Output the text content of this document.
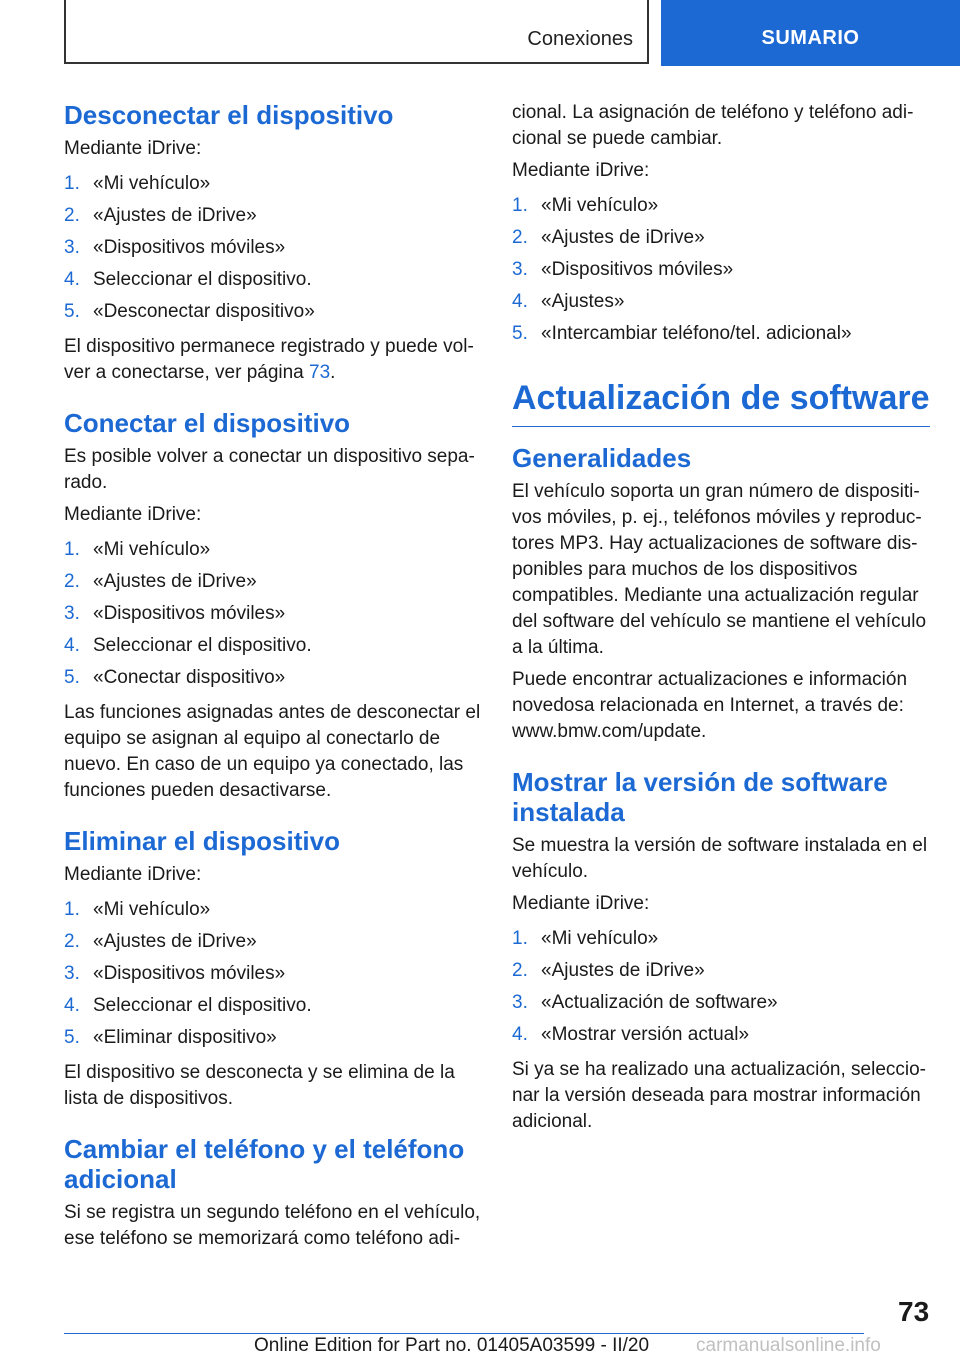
Conexiones	SUMARIO
Desconectar el dispositivo

Mediante iDrive:

1. «Mi vehículo»
2. «Ajustes de iDrive»
3. «Dispositivos móviles»
4. Seleccionar el dispositivo.
5. «Desconectar dispositivo»

El dispositivo permanece registrado y puede vol-ver a conectarse, ver página 73.

Conectar el dispositivo

Es posible volver a conectar un dispositivo sepa-rado.

Mediante iDrive:

1. «Mi vehículo»
2. «Ajustes de iDrive»
3. «Dispositivos móviles»
4. Seleccionar el dispositivo.
5. «Conectar dispositivo»

Las funciones asignadas antes de desconectar el equipo se asignan al equipo al conectarlo de nuevo. En caso de un equipo ya conectado, las funciones pueden desactivarse.

Eliminar el dispositivo

Mediante iDrive:

1. «Mi vehículo»
2. «Ajustes de iDrive»
3. «Dispositivos móviles»
4. Seleccionar el dispositivo.
5. «Eliminar dispositivo»

El dispositivo se desconecta y se elimina de la lista de dispositivos.

Cambiar el teléfono y el teléfono adicional

Si se registra un segundo teléfono en el vehículo, ese teléfono se memorizará como teléfono adi-

cional. La asignación de teléfono y teléfono adi-cional se puede cambiar.

Mediante iDrive:

1. «Mi vehículo»
2. «Ajustes de iDrive»
3. «Dispositivos móviles»
4. «Ajustes»
5. «Intercambiar teléfono/tel. adicional»
Actualización de software
Generalidades

El vehículo soporta un gran número de dispositi-vos móviles, p. ej., teléfonos móviles y reproduc-tores MP3. Hay actualizaciones de software dis-ponibles para muchos de los dispositivos compatibles. Mediante una actualización regular del software del vehículo se mantiene el vehículo a la última.

Puede encontrar actualizaciones e información novedosa relacionada en Internet, a través de: www.bmw.com/update.

Mostrar la versión de software instalada

Se muestra la versión de software instalada en el vehículo.

Mediante iDrive:

1. «Mi vehículo»
2. «Ajustes de iDrive»
3. «Actualización de software»
4. «Mostrar versión actual»

Si ya se ha realizado una actualización, seleccio-nar la versión deseada para mostrar información adicional.

73
Online Edition for Part no. 01405A03599 - II/20 carmanualsonline.info
